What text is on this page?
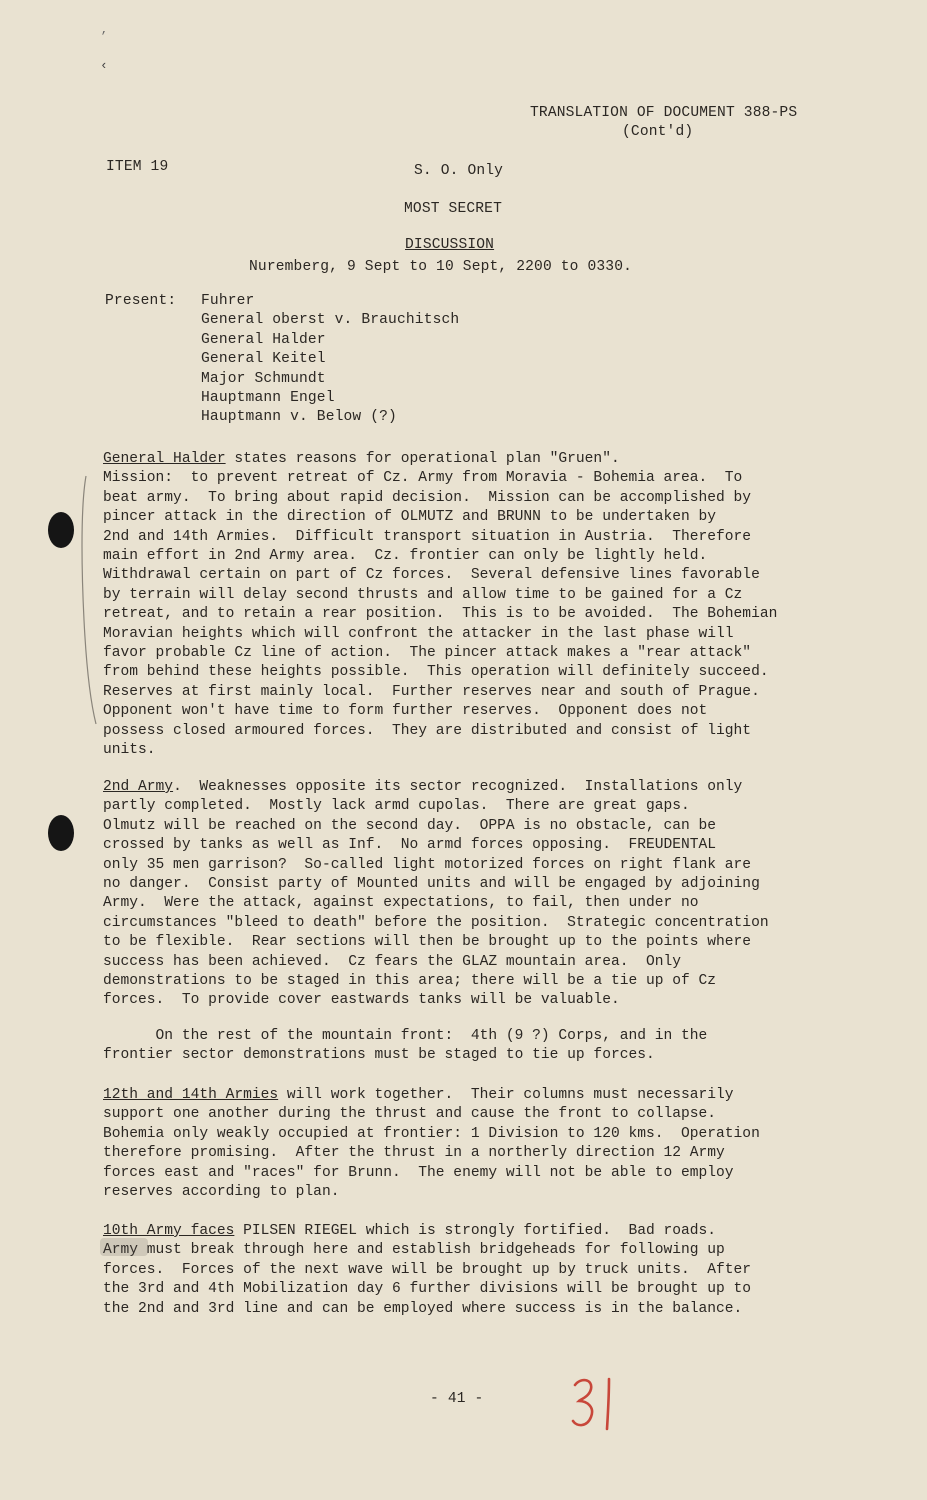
’
‹
TRANSLATION OF DOCUMENT 388-PS
(Cont'd)
ITEM 19	S. O. Only
MOST SECRET
DISCUSSION
Nuremberg, 9 Sept to 10 Sept, 2200 to 0330.
Present: Fuhrer
General oberst v. Brauchitsch
General Halder
General Keitel
Major Schmundt
Hauptmann Engel
Hauptmann v. Below (?)
General Halder states reasons for operational plan "Gruen".
Mission:  to prevent retreat of Cz. Army from Moravia - Bohemia area.  To
beat army.  To bring about rapid decision.  Mission can be accomplished by
pincer attack in the direction of OLMUTZ and BRUNN to be undertaken by
2nd and 14th Armies.  Difficult transport situation in Austria.  Therefore
main effort in 2nd Army area.  Cz. frontier can only be lightly held.
Withdrawal certain on part of Cz forces.  Several defensive lines favorable
by terrain will delay second thrusts and allow time to be gained for a Cz
retreat, and to retain a rear position.  This is to be avoided.  The Bohemian
Moravian heights which will confront the attacker in the last phase will
favor probable Cz line of action.  The pincer attack makes a "rear attack"
from behind these heights possible.  This operation will definitely succeed.
Reserves at first mainly local.  Further reserves near and south of Prague.
Opponent won't have time to form further reserves.  Opponent does not
possess closed armoured forces.  They are distributed and consist of light
units.
2nd Army.  Weaknesses opposite its sector recognized.  Installations only
partly completed.  Mostly lack armd cupolas.  There are great gaps.
Olmutz will be reached on the second day.  OPPA is no obstacle, can be
crossed by tanks as well as Inf.  No armd forces opposing.  FREUDENTAL
only 35 men garrison?  So-called light motorized forces on right flank are
no danger.  Consist party of Mounted units and will be engaged by adjoining
Army.  Were the attack, against expectations, to fail, then under no
circumstances "bleed to death" before the position.  Strategic concentration
to be flexible.  Rear sections will then be brought up to the points where
success has been achieved.  Cz fears the GLAZ mountain area.  Only
demonstrations to be staged in this area; there will be a tie up of Cz
forces.  To provide cover eastwards tanks will be valuable.
On the rest of the mountain front:  4th (9 ?) Corps, and in the
frontier sector demonstrations must be staged to tie up forces.
12th and 14th Armies will work together.  Their columns must necessarily
support one another during the thrust and cause the front to collapse.
Bohemia only weakly occupied at frontier: 1 Division to 120 kms.  Operation
therefore promising.  After the thrust in a northerly direction 12 Army
forces east and "races" for Brunn.  The enemy will not be able to employ
reserves according to plan.
10th Army faces PILSEN RIEGEL which is strongly fortified.  Bad roads.
Army must break through here and establish bridgeheads for following up
forces.  Forces of the next wave will be brought up by truck units.  After
the 3rd and 4th Mobilization day 6 further divisions will be brought up to
the 2nd and 3rd line and can be employed where success is in the balance.
- 41 -
